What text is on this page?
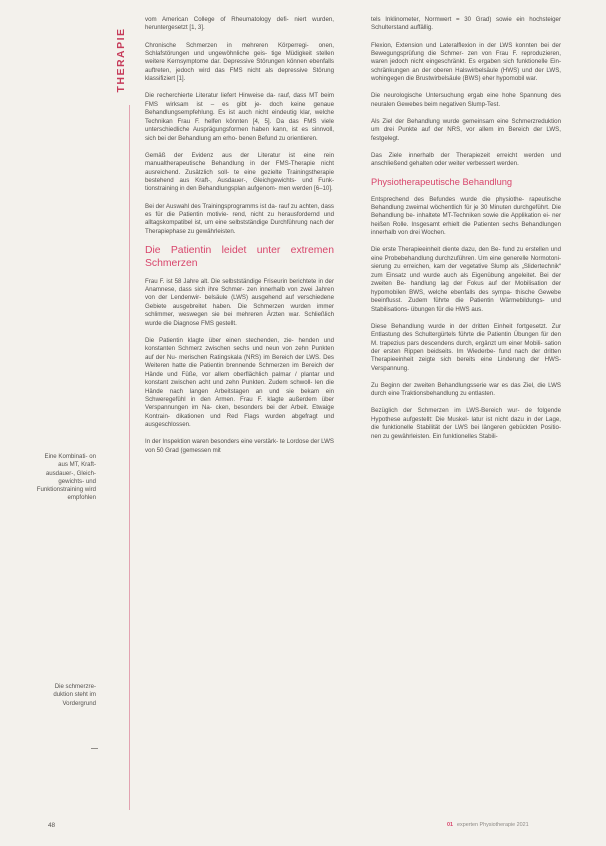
THERAPIE
Eine Kombinati- on aus MT, Kraft- ausdauer-, Gleich- gewichts- und Funktionstraining wird empfohlen
Die schmerzre- duktion steht im Vordergrund

vom American College of Rheumatology defi- niert wurden, heruntergesetzt [1, 3].

Chronische Schmerzen in mehreren Körperregi- onen, Schlafstörungen und ungewöhnliche geis- tige Müdigkeit stellen weitere Kernsymptome dar. Depressive Störungen können ebenfalls auftreten, jedoch wird das FMS nicht als depressive Störung klassifiziert [1].

Die recherchierte Literatur liefert Hinweise da- rauf, dass MT beim FMS wirksam ist – es gibt je- doch keine genaue Behandlungsempfehlung. Es ist auch nicht eindeutig klar, welche Technikan Frau F. helfen könnten [4, 5]. Da das FMS viele unterschiedliche Ausprägungsformen haben kann, ist es sinnvoll, sich bei der Behandlung am erho- benen Befund zu orientieren.

Gemäß der Evidenz aus der Literatur ist eine rein manualtherapeutische Behandlung in der FMS-Therapie nicht ausreichend. Zusätzlich soll- te eine gezielte Trainingstherapie bestehend aus Kraft-, Ausdauer-, Gleichgewichts- und Funk- tionstraining in den Behandlungsplan aufgenom- men werden [6–10].

Bei der Auswahl des Trainingsprogramms ist da- rauf zu achten, dass es für die Patientin motivie- rend, nicht zu herausfordernd und alltagskompatibel ist, um eine selbstständige Durchführung nach der Therapiephase zu gewährleisten.

Die Patientin leidet unter extremen Schmerzen

Frau F. ist 58 Jahre alt. Die selbstständige Friseurin berichtete in der Anamnese, dass sich ihre Schmer- zen innerhalb von zwei Jahren von der Lendenwir- belsäule (LWS) ausgehend auf verschiedene Gebiete ausgebreitet haben. Die Schmerzen wurden immer schlimmer, weswegen sie bei mehreren Ärzten war. Schließlich wurde die Diagnose FMS gestellt.

Die Patientin klagte über einen stechenden, zie- henden und konstanten Schmerz zwischen sechs und neun von zehn Punkten auf der Nu- merischen Ratingskala (NRS) im Bereich der LWS. Des Weiteren hatte die Patientin brennende Schmerzen im Bereich der Hände und Füße, vor allem oberflächlich palmar / plantar und konstant zwischen acht und zehn Punkten. Zudem schwoll- len die Hände nach langen Arbeitstagen an und sie bekam ein Schweregefühl in den Armen. Frau F. klagte außerdem über Verspannungen im Na- cken, besonders bei der Arbeit. Etwaige Kontrain- dikationen und Red Flags wurden abgefragt und ausgeschlossen.

In der Inspektion waren besonders eine verstärk- te Lordose der LWS von 50 Grad (gemessen mit

tels Inklinometer, Normwert = 30 Grad) sowie ein hochsteiger Schulterstand auffällig.

Flexion, Extension und Lateralflexion in der LWS konnten bei der Bewegungsprüfung die Schmer- zen von Frau F. reproduzieren, waren jedoch nicht eingeschränkt. Es ergaben sich funktionelle Ein- schränkungen an der oberen Halswirbelsäule (HWS) und der LWS, wohingegen die Brustwirbelsäule (BWS) eher hypomobil war.

Die neurologische Untersuchung ergab eine hohe Spannung des neuralen Gewebes beim negativen Slump-Test.

Als Ziel der Behandlung wurde gemeinsam eine Schmerzreduktion um drei Punkte auf der NRS, vor allem im Bereich der LWS, festgelegt.

Das Ziele innerhalb der Therapiezeit erreicht werden und anschließend gehalten oder weiter verbessert werden.

Physiotherapeutische Behandlung

Entsprechend des Befundes wurde die physiothe- rapeutische Behandlung zweimal wöchentlich für je 30 Minuten durchgeführt. Die Behandlung be- inhaltete MT-Techniken sowie die Applikation ei- ner heißen Rolle. Insgesamt erhielt die Patienten sechs Behandlungen innerhalb von drei Wochen.

Die erste Therapieeinheit diente dazu, den Be- fund zu erstellen und eine Probebehandlung durchzuführen. Um eine generelle Normotoni- sierung zu erreichen, kam der vegetative Slump als „Slidertechnik“ zum Einsatz und wurde auch als Eigenübung angeleitet. Bei der zweiten Be- handlung lag der Fokus auf der Mobilisation der hypomobilen BWS, welche ebenfalls des sympa- thische Gewebe beeinflusst. Zudem führte die Patientin Wärmebildungs- und Stabilisations- übungen für die HWS aus.

Diese Behandlung wurde in der dritten Einheit fortgesetzt. Zur Entlastung des Schultergürtels führte die Patientin Übungen für den M. trapezius pars descendens durch, ergänzt um einer Mobili- sation der ersten Rippen beidseits. Im Wiederbe- fund nach der dritten Therapieeinheit zeigte sich bereits eine Linderung der HWS-Verspannung.

Zu Beginn der zweiten Behandlungsserie war es das Ziel, die LWS durch eine Traktionsbehandlung zu entlasten.

Bezüglich der Schmerzen im LWS-Bereich wur- de folgende Hypothese aufgestellt: Die Muskel- latur ist nicht dazu in der Lage, die funktionelle Stabilität der LWS bei längeren gebückten Positio- nen zu gewährleisten. Ein funktionelles Stabili-

48	01 experten Physiotherapie 2021
